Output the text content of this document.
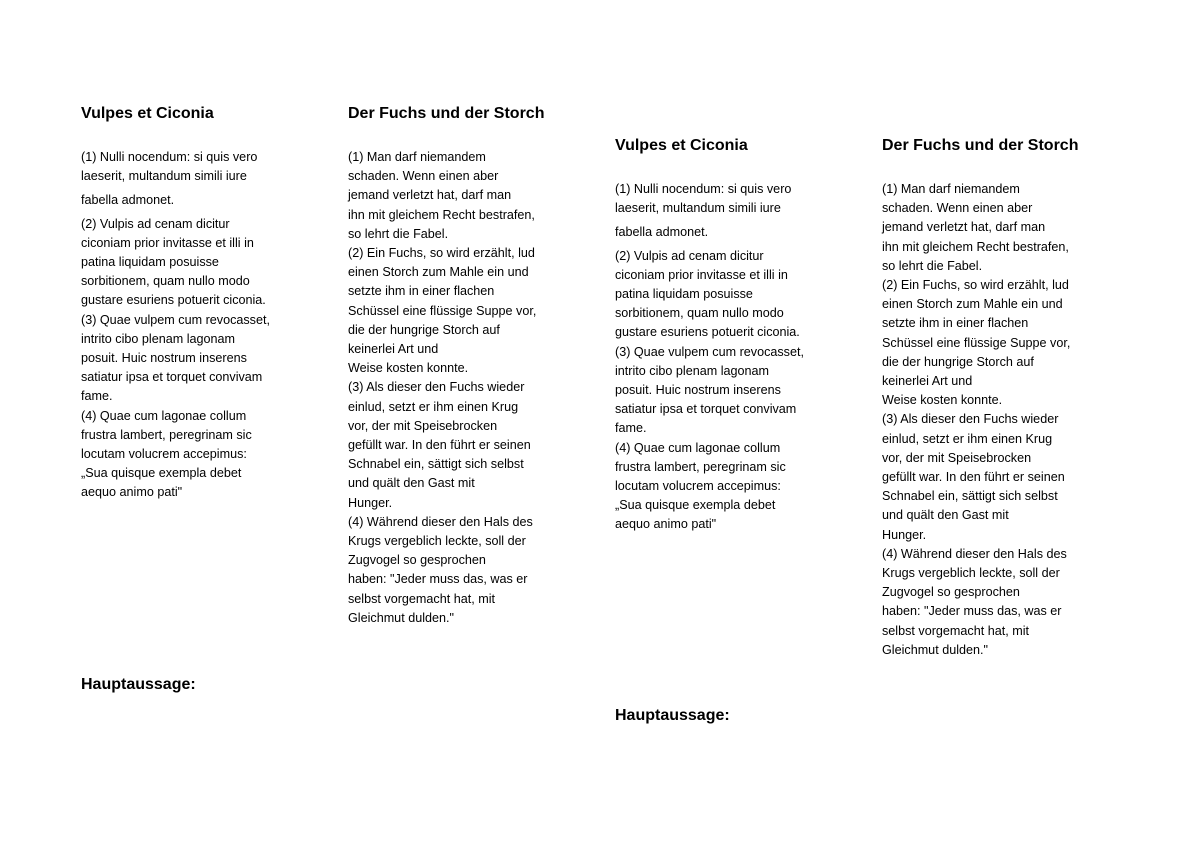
Vulpes et Ciconia
(1) Nulli nocendum: si quis vero
laeserit, multandum simili iure
fabella admonet.
(2) Vulpis ad cenam dicitur
ciconiam prior invitasse et illi in
patina liquidam posuisse
sorbitionem, quam nullo modo
gustare esuriens potuerit ciconia.
(3) Quae vulpem cum revocasset,
intrito cibo plenam lagonam
posuit. Huic nostrum inserens
satiatur ipsa et torquet convivam
fame.
(4) Quae cum lagonae collum
frustra lambert, peregrinam sic
locutam volucrem accepimus:
„Sua quisque exempla debet
aequo animo pati"
Der Fuchs und der Storch
(1) Man darf niemandem
schaden. Wenn einen aber
jemand verletzt hat, darf man
ihn mit gleichem Recht bestrafen,
so lehrt die Fabel.
(2) Ein Fuchs, so wird erzählt, lud
einen Storch zum Mahle ein und
setzte ihm in einer flachen
Schüssel eine flüssige Suppe vor,
die der hungrige Storch auf
keinerlei Art und
Weise kosten konnte.
(3) Als dieser den Fuchs wieder
einlud, setzt er ihm einen Krug
vor, der mit Speisebrocken
gefüllt war. In den führt er seinen
Schnabel ein, sättigt sich selbst
und quält den Gast mit
Hunger.
(4) Während dieser den Hals des
Krugs vergeblich leckte, soll der
Zugvogel so gesprochen
haben: "Jeder muss das, was er
selbst vorgemacht hat, mit
Gleichmut dulden."
Hauptaussage:
Vulpes et Ciconia
(1) Nulli nocendum: si quis vero
laeserit, multandum simili iure
fabella admonet.
(2) Vulpis ad cenam dicitur
ciconiam prior invitasse et illi in
patina liquidam posuisse
sorbitionem, quam nullo modo
gustare esuriens potuerit ciconia.
(3) Quae vulpem cum revocasset,
intrito cibo plenam lagonam
posuit. Huic nostrum inserens
satiatur ipsa et torquet convivam
fame.
(4) Quae cum lagonae collum
frustra lambert, peregrinam sic
locutam volucrem accepimus:
„Sua quisque exempla debet
aequo animo pati"
Der Fuchs und der Storch
(1) Man darf niemandem
schaden. Wenn einen aber
jemand verletzt hat, darf man
ihn mit gleichem Recht bestrafen,
so lehrt die Fabel.
(2) Ein Fuchs, so wird erzählt, lud
einen Storch zum Mahle ein und
setzte ihm in einer flachen
Schüssel eine flüssige Suppe vor,
die der hungrige Storch auf
keinerlei Art und
Weise kosten konnte.
(3) Als dieser den Fuchs wieder
einlud, setzt er ihm einen Krug
vor, der mit Speisebrocken
gefüllt war. In den führt er seinen
Schnabel ein, sättigt sich selbst
und quält den Gast mit
Hunger.
(4) Während dieser den Hals des
Krugs vergeblich leckte, soll der
Zugvogel so gesprochen
haben: "Jeder muss das, was er
selbst vorgemacht hat, mit
Gleichmut dulden."
Hauptaussage:
